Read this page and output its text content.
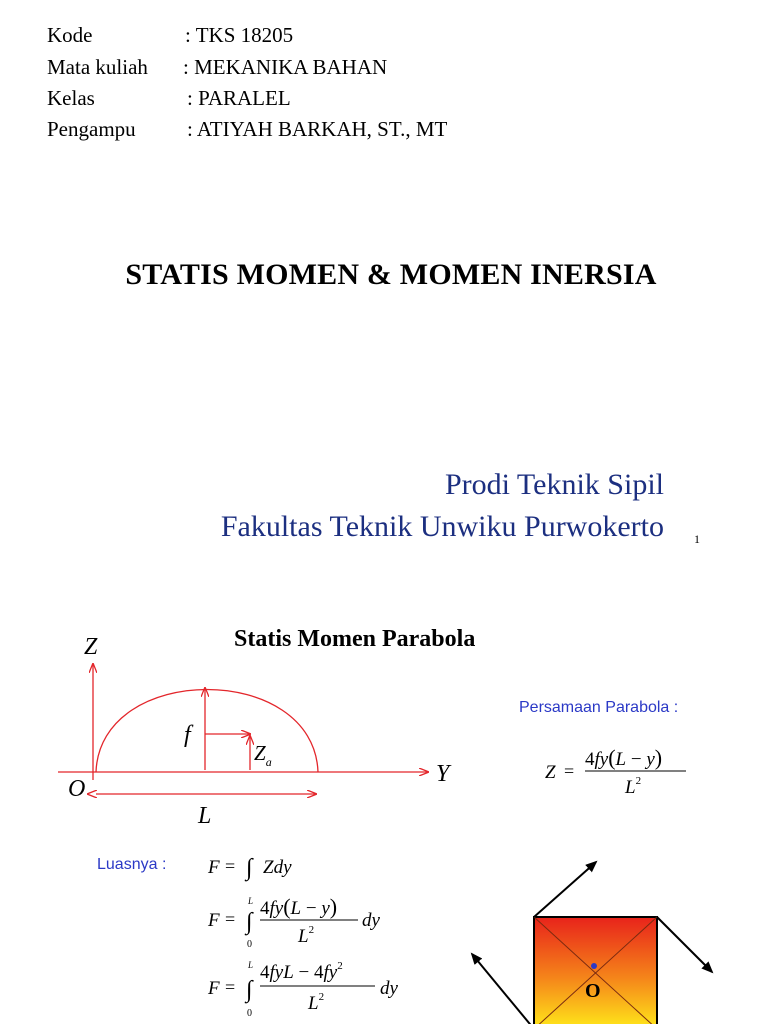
Kode	: TKS 18205
Mata kuliah : MEKANIKA BAHAN
Kelas	: PARALEL
Pengampu : ATIYAH BARKAH, ST., MT
STATIS MOMEN & MOMEN INERSIA
Prodi Teknik Sipil
Fakultas Teknik Unwiku Purwokerto	1
Statis Momen Parabola
Z
Y
O
f
$Z_a$
L
Persamaan Parabola :
Z =
4fy(L − y)
$L^2$
Luasnya : F = ∫ Zdy
F = ∫
L
0
4fy(L − y)
$L^2$	dy
F = ∫
L
0
$4fyL - 4fy^2$
$L^2$	dy	O
